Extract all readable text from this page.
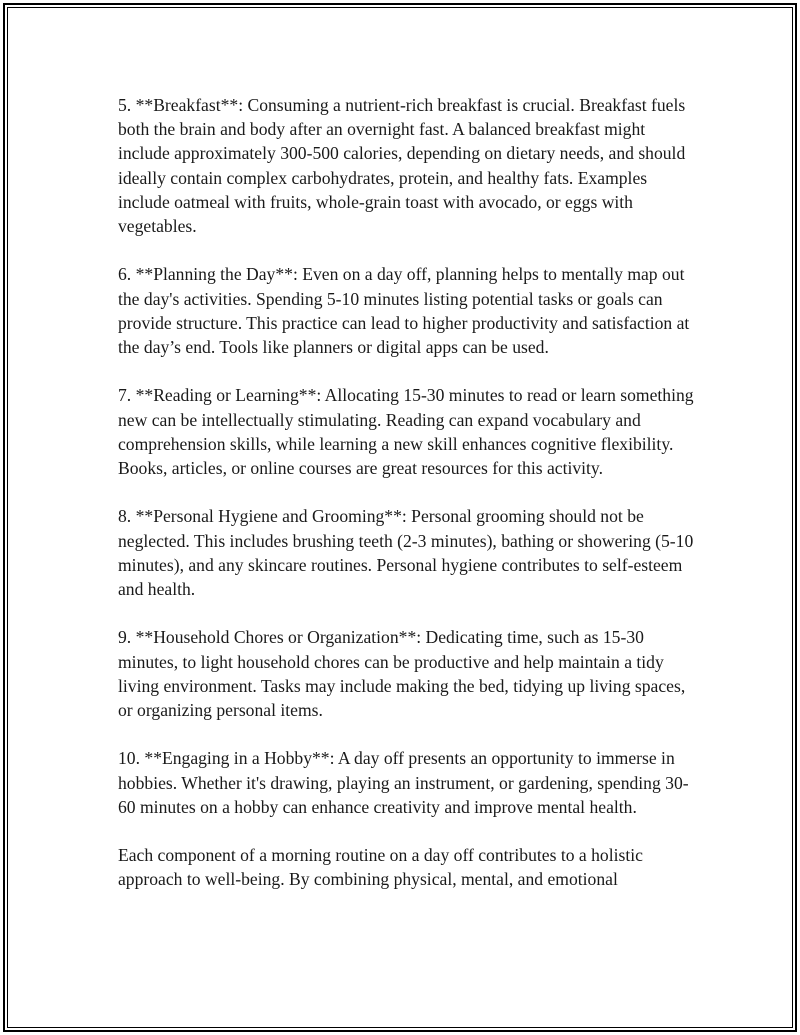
5. **Breakfast**: Consuming a nutrient-rich breakfast is crucial. Breakfast fuels both the brain and body after an overnight fast. A balanced breakfast might include approximately 300-500 calories, depending on dietary needs, and should ideally contain complex carbohydrates, protein, and healthy fats. Examples include oatmeal with fruits, whole-grain toast with avocado, or eggs with vegetables.

6. **Planning the Day**: Even on a day off, planning helps to mentally map out the day's activities. Spending 5-10 minutes listing potential tasks or goals can provide structure. This practice can lead to higher productivity and satisfaction at the day’s end. Tools like planners or digital apps can be used.

7. **Reading or Learning**: Allocating 15-30 minutes to read or learn something new can be intellectually stimulating. Reading can expand vocabulary and comprehension skills, while learning a new skill enhances cognitive flexibility. Books, articles, or online courses are great resources for this activity.

8. **Personal Hygiene and Grooming**: Personal grooming should not be neglected. This includes brushing teeth (2-3 minutes), bathing or showering (5-10 minutes), and any skincare routines. Personal hygiene contributes to self-esteem and health.

9. **Household Chores or Organization**: Dedicating time, such as 15-30 minutes, to light household chores can be productive and help maintain a tidy living environment. Tasks may include making the bed, tidying up living spaces, or organizing personal items.

10. **Engaging in a Hobby**: A day off presents an opportunity to immerse in hobbies. Whether it's drawing, playing an instrument, or gardening, spending 30-60 minutes on a hobby can enhance creativity and improve mental health.

Each component of a morning routine on a day off contributes to a holistic approach to well-being. By combining physical, mental, and emotional
